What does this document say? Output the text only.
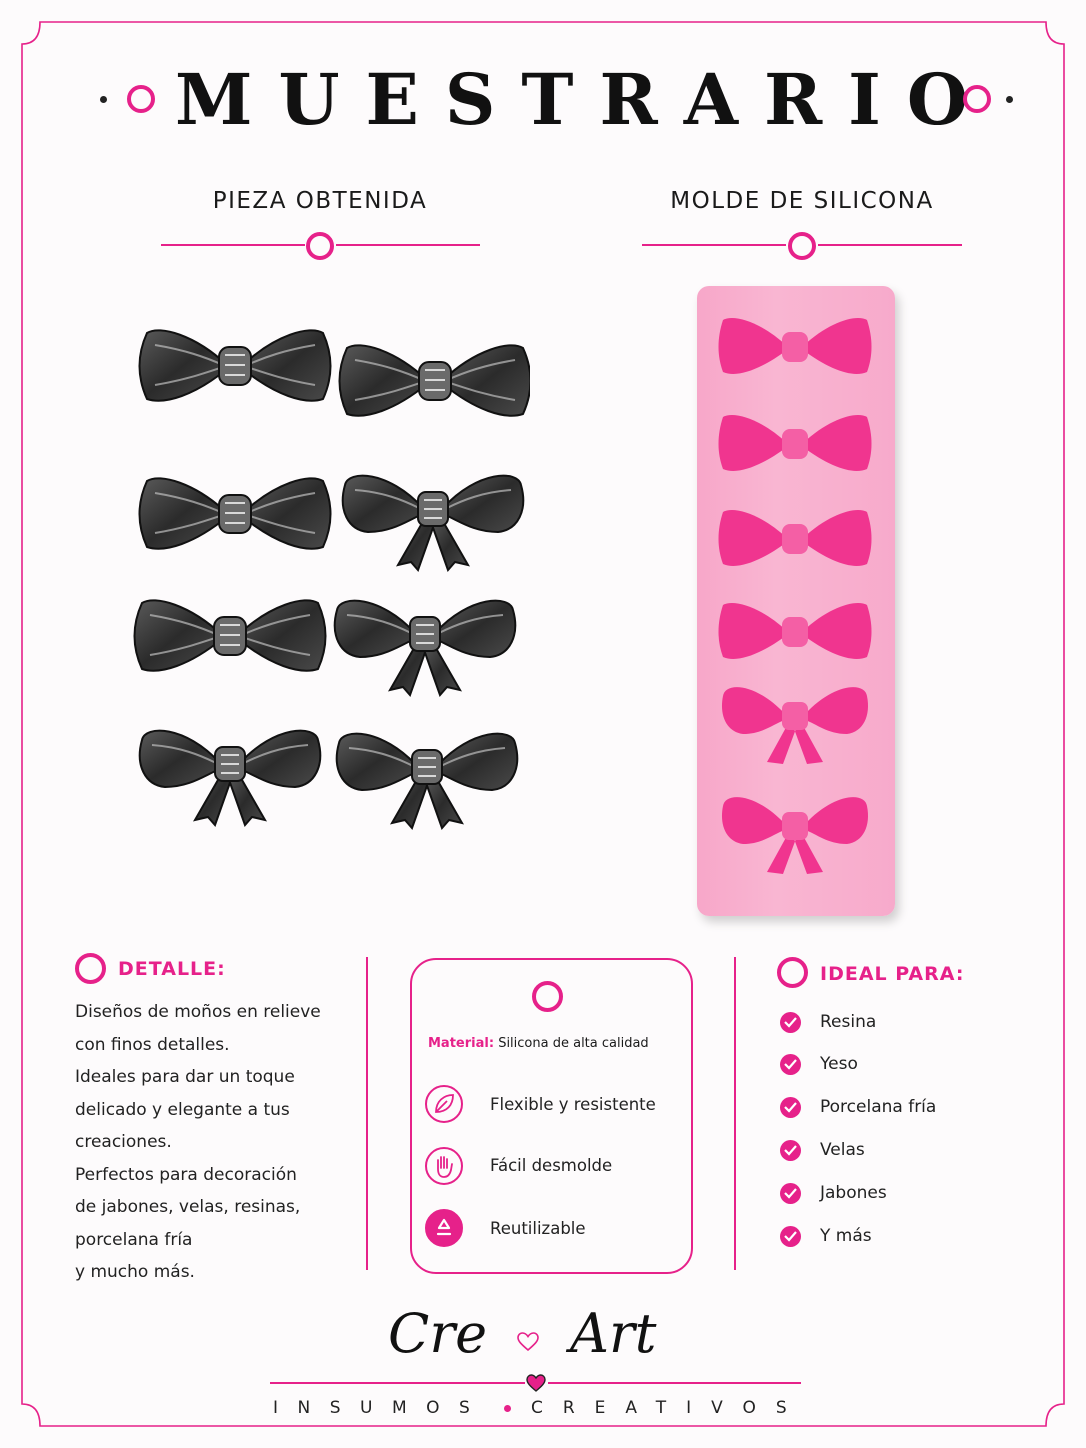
MUESTRARIO
PIEZA OBTENIDA	MOLDE DE SILICONA
DETALLE:
Diseños de moños en relieve
con finos detalles.
Ideales para dar un toque
delicado y elegante a tus
creaciones.
Perfectos para decoración
de jabones, velas, resinas,
porcelana fría
y mucho más.
Material: Silicona de alta calidad
Flexible y resistente
Fácil desmolde
Reutilizable
IDEAL PARA:
Resina
Yeso
Porcelana fría
Velas
Jabones
Y más
Cre Art
INSUMOS CREATIVOS
